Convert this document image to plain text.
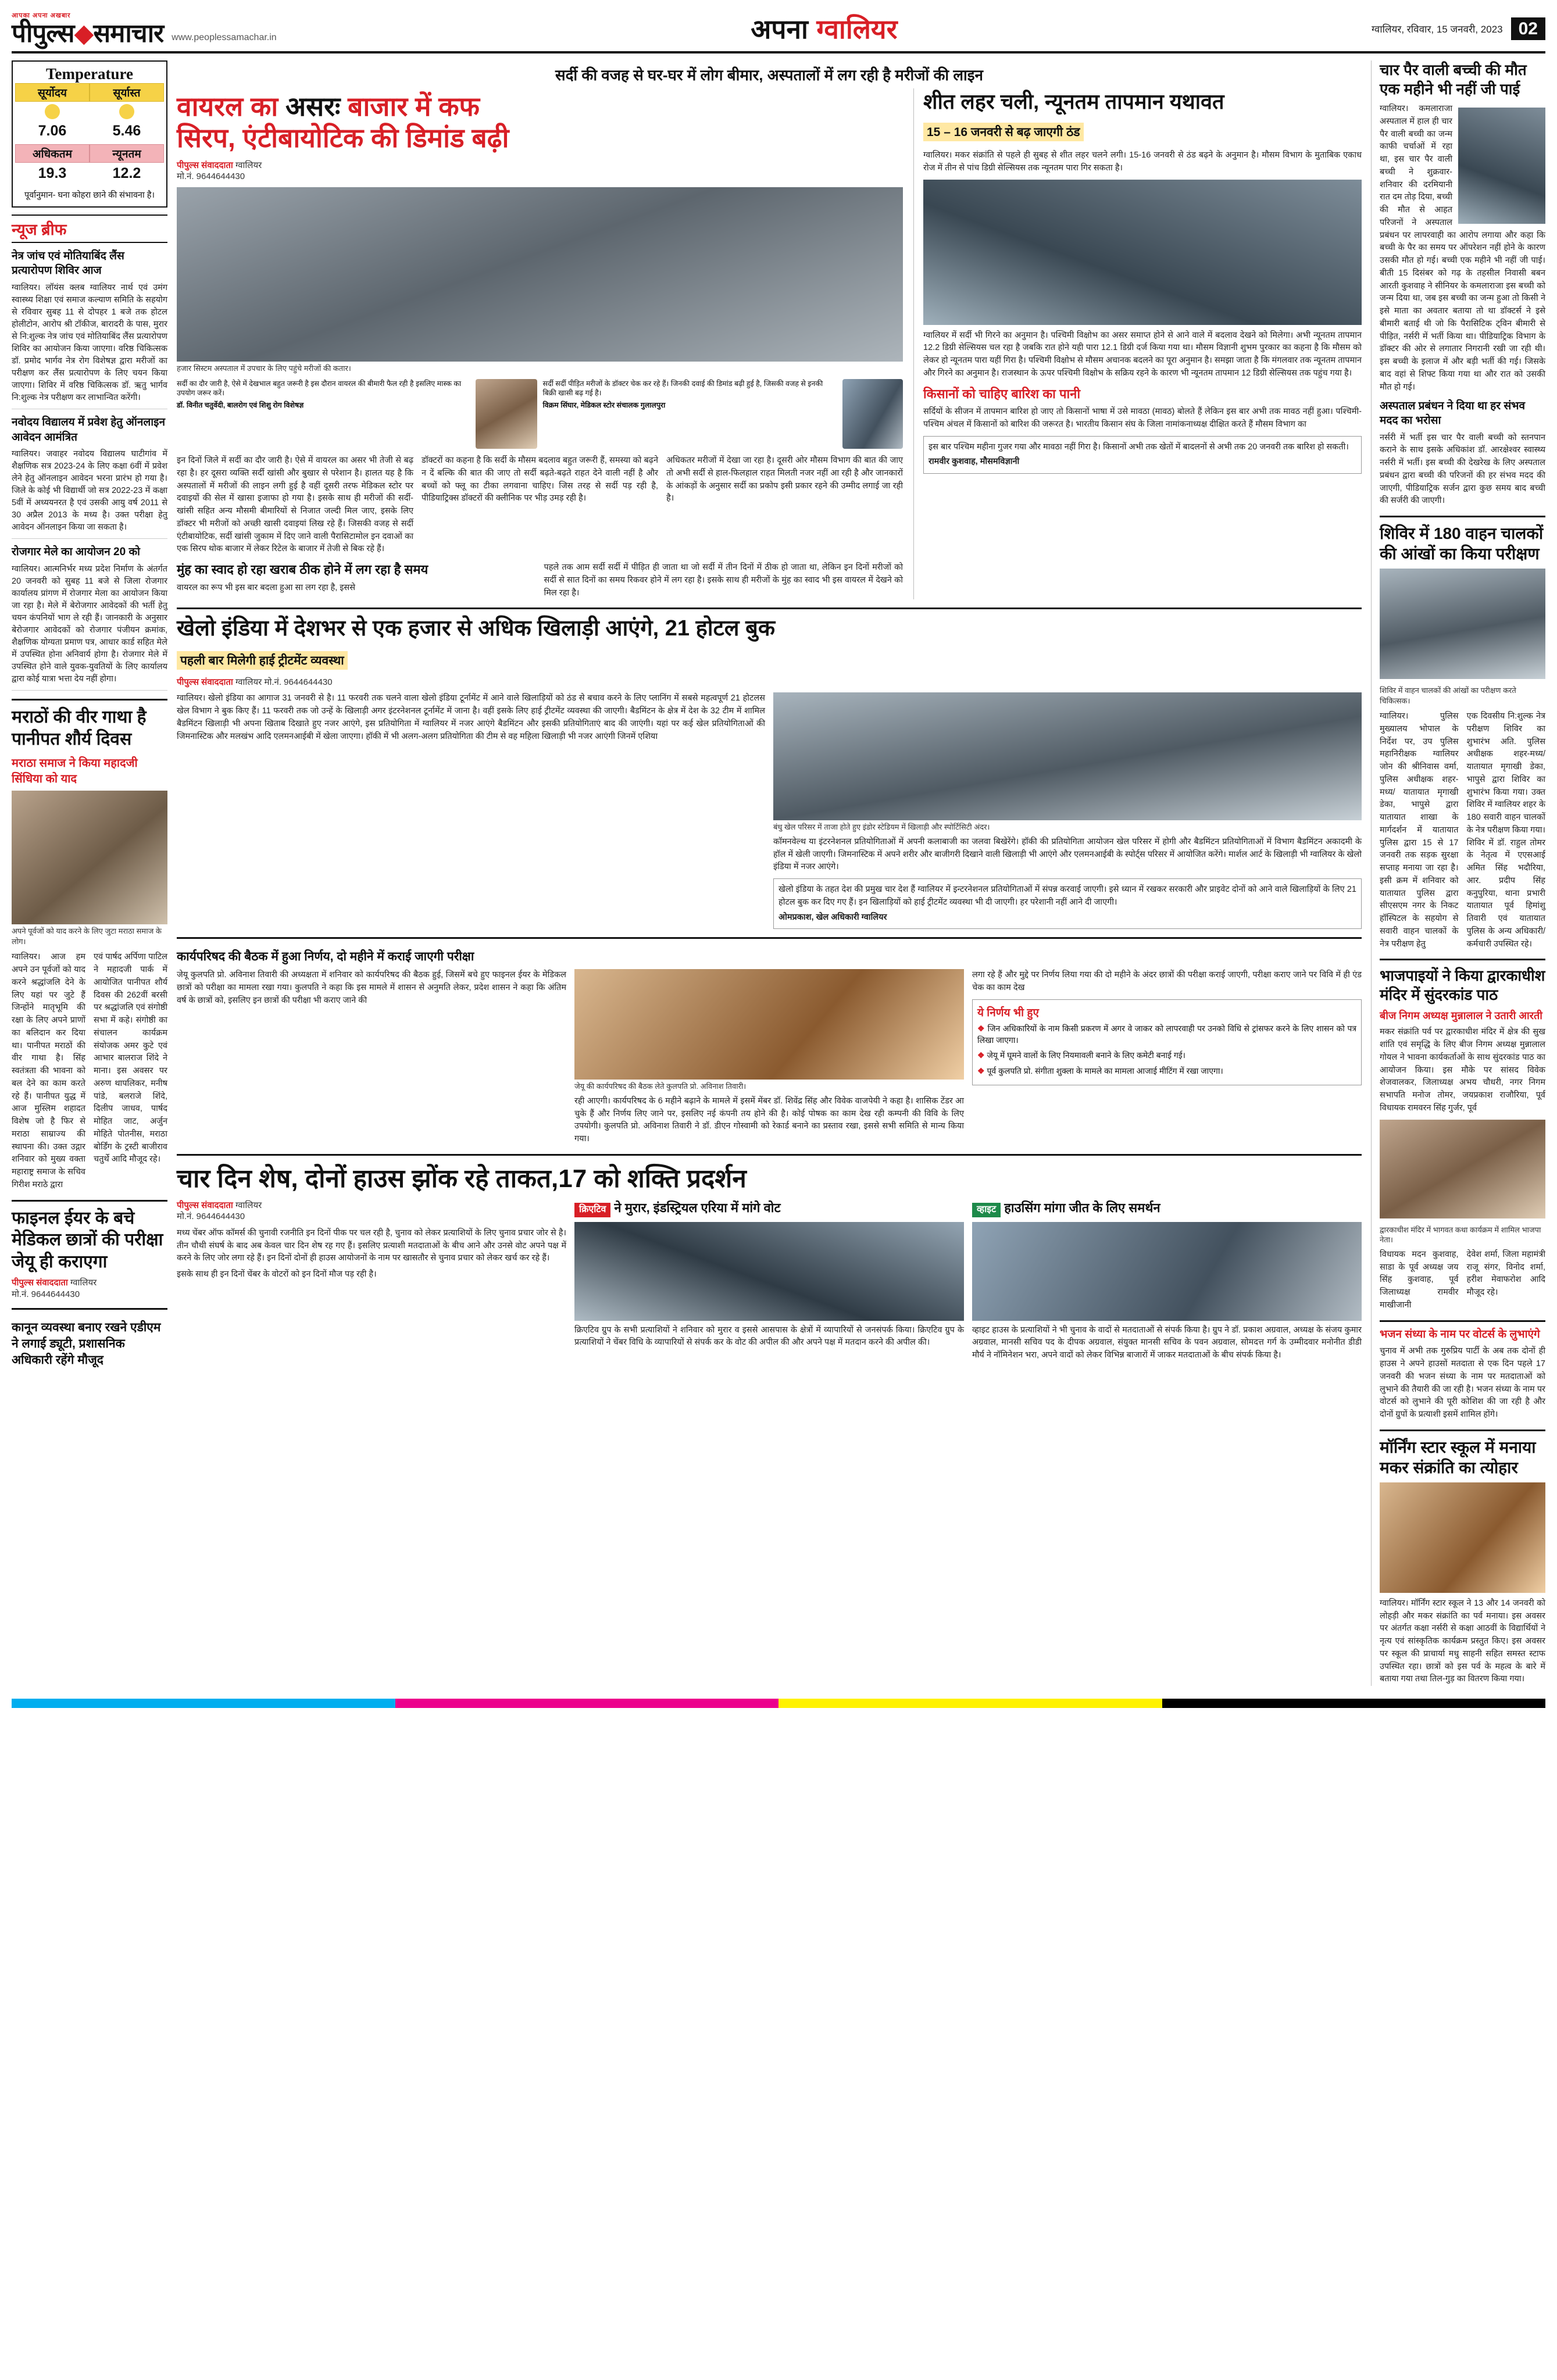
आपका अपना अखबार
पीपुल्स◆समाचार www.peoplessamachar.in	अपना ग्वालियर	ग्वालियर, रविवार, 15 जनवरी, 2023 02
Temperature
सूर्योदय	सूर्यास्त
7.06	5.46
अधिकतम	न्यूनतम
19.3	12.2
पूर्वानुमान- घना कोहरा छाने की संभावना है।
न्यूज ब्रीफ
नेत्र जांच एवं मोतियाबिंद लैंस प्रत्यारोपण शिविर आज
ग्वालियर। लॉयंस क्लब ग्वालियर नार्थ एवं उमंग स्वास्थ्य शिक्षा एवं समाज कल्याण समिति के सहयोग से रविवार सुबह 11 से दोपहर 1 बजे तक होटल होलीटोन, आरोप श्री टॉकीज, बारादरी के पास, मुरार से नि:शुल्क नेत्र जांच एवं मोतियाबिंद लैंस प्रत्यारोपण शिविर का आयोजन किया जाएगा। वरिष्ठ चिकित्सक डॉ. प्रमोद भार्गव नेत्र रोग विशेषज्ञ द्वारा मरीजों का परीक्षण कर लैंस प्रत्यारोपण के लिए चयन किया जाएगा। शिविर में वरिष्ठ चिकित्सक डॉ. ऋतु भार्गव नि:शुल्क नेत्र परीक्षण कर लाभान्वित करेंगी।
नवोदय विद्यालय में प्रवेश हेतु ऑनलाइन आवेदन आमंत्रित
ग्वालियर। जवाहर नवोदय विद्यालय घाटीगांव में शैक्षणिक सत्र 2023-24 के लिए कक्षा 6वीं में प्रवेश लेने हेतु ऑनलाइन आवेदन भरना प्रारंभ हो गया है। जिले के कोई भी विद्यार्थी जो सत्र 2022-23 में कक्षा 5वीं में अध्ययनरत है एवं उसकी आयु वर्ष 2011 से 30 अप्रैल 2013 के मध्य है। उक्त परीक्षा हेतु आवेदन ऑनलाइन किया जा सकता है।
रोजगार मेले का आयोजन 20 को
ग्वालियर। आत्मनिर्भर मध्य प्रदेश निर्माण के अंतर्गत 20 जनवरी को सुबह 11 बजे से जिला रोजगार कार्यालय प्रांगण में रोजगार मेला का आयोजन किया जा रहा है। मेले में बेरोजगार आवेदकों की भर्ती हेतु चयन कंपनियों भाग ले रही हैं। जानकारी के अनुसार बेरोजगार आवेदकों को रोजगार पंजीयन क्रमांक, शैक्षणिक योग्यता प्रमाण पत्र, आधार कार्ड सहित मेले में उपस्थित होना अनिवार्य होगा है। रोजगार मेले में उपस्थित होने वाले युवक-युवतियों के लिए कार्यालय द्वारा कोई यात्रा भत्ता देय नहीं होगा।
मराठों की वीर गाथा है पानीपत शौर्य दिवस
मराठा समाज ने किया महादजी सिंधिया को याद
अपने पूर्वजों को याद करने के लिए जुटा मराठा समाज के लोग।
ग्वालियर। आज हम अपने उन पूर्वजों को याद करने श्रद्धांजलि देने के लिए यहां पर जुटे हैं जिन्होंने मातृभूमि की रक्षा के लिए अपने प्राणों का बलिदान कर दिया था। पानीपत मराठों की वीर गाथा है। सिंह स्वतंत्रता की भावना को बल देने का काम करते रहे हैं। पानीपत युद्ध में आज मुस्लिम शहादत विशेष जो है फिर से मराठा साम्राज्य की स्थापना की। उक्त उद्गार शनिवार को मुख्य वक्ता महाराष्ट्र समाज के सचिव गिरीश मराठे द्वारा
एवं पार्षद अर्पिणा पाटिल ने महादजी पार्क में आयोजित पानीपत शौर्य दिवस की 262वीं बरसी पर श्रद्धांजलि एवं संगोष्ठी सभा में कहे। संगोष्ठी का संचालन कार्यक्रम संयोजक अमर कुटे एवं आभार बालराज शिंदे ने माना। इस अवसर पर अरुण थापलिकर, मनीष पांडे, बलराजे शिंदे, दिलीप जाधव, पार्षद मोहित जाट, अर्जुन मोहिते पोतनीस, मराठा बोर्डिंग के ट्रस्टी बाजीराव चतुर्थे आदि मौजूद रहे।
फाइनल ईयर के बचे मेडिकल छात्रों की परीक्षा जेयू ही कराएगा
पीपुल्स संवाददाता ग्वालियर
मो.नं. 9644644430
कानून व्यवस्था बनाए रखने एडीएम ने लगाई ड्यूटी, प्रशासनिक अधिकारी रहेंगे मौजूद
सर्दी की वजह से घर-घर में लोग बीमार, अस्पतालों में लग रही है मरीजों की लाइन
वायरल का असरः बाजार में कफ
सिरप, एंटीबायोटिक की डिमांड बढ़ी
पीपुल्स संवाददाता ग्वालियर
मो.नं. 9644644430
हजार सिस्टम अस्पताल में उपचार के लिए पहुंचे मरीजों की कतार।
सर्दी का दौर जारी है, ऐसे में देखभाल बहुत जरूरी है इस दौरान वायरल की बीमारी फैल रही है इसलिए मास्क का उपयोग जरूर करें।
डॉ. विनीत चतुर्वेदी, बालरोग एवं शिशु रोग विशेषज्ञ
सर्दी सर्दी पीड़ित मरीजों के डॉक्टर चेक कर रहे हैं। जिनकी दवाई की डिमांड बढ़ी हुई है, जिसकी वजह से इनकी बिक्री खासी बढ़ गई है।
विक्रम सिंघार, मेडिकल स्टोर संचालक गुलालपुरा
इन दिनों जिले में सर्दी का दौर जारी है। ऐसे में वायरल का असर भी तेजी से बढ़ रहा है। हर दूसरा व्यक्ति सर्दी खांसी और बुखार से परेशान है। हालत यह है कि अस्पतालों में मरीजों की लाइन लगी हुई है वहीं दूसरी तरफ मेडिकल स्टोर पर दवाइयों की सेल में खासा इजाफा हो गया है। इसके साथ ही मरीजों की सर्दी-खांसी सहित अन्य मौसमी बीमारियों से निजात जल्दी मिल जाए, इसके लिए डॉक्टर भी मरीजों को अच्छी खासी दवाइयां लिख रहे हैं। जिसकी वजह से सर्दी एंटीबायोटिक, सर्दी खांसी जुकाम में दिए जाने वाली पैरासिटामोल इन दवाओं का एक सिरप थोक बाजार में लेकर रिटेल के बाजार में तेजी से बिक रहे हैं।
डॉक्टरों का कहना है कि सर्दी के मौसम बदलाव बहुत जरूरी हैं, समस्या को बढ़ने न दें बल्कि की बात की जाए तो सर्दी बढ़ते-बढ़ते राहत देने वाली नहीं है और बच्चों को फ्लू का टीका लगवाना चाहिए। जिस तरह से सर्दी पड़ रही है, पीडियाट्रिक्स डॉक्टरों की क्लीनिक पर भीड़ उमड़ रही है।
अधिकतर मरीजों में देखा जा रहा है। दूसरी ओर मौसम विभाग की बात की जाए तो अभी सर्दी से हाल-फिलहाल राहत मिलती नजर नहीं आ रही है और जानकारों के आंकड़ों के अनुसार सर्दी का प्रकोप इसी प्रकार रहने की उम्मीद लगाई जा रही है।
मुंह का स्वाद हो रहा खराब ठीक होने में लग रहा है समय
वायरल का रूप भी इस बार बदला हुआ सा लग रहा है, इससे
पहले तक आम सर्दी सर्दी में पीड़ित ही जाता था जो सर्दी में तीन दिनों में ठीक हो जाता था, लेकिन इन दिनों मरीजों को सर्दी से सात दिनों का समय रिकवर होने में लग रहा है। इसके साथ ही मरीजों के मुंह का स्वाद भी इस वायरल में देखने को मिल रहा है।
शीत लहर चली, न्यूनतम तापमान यथावत
15 – 16 जनवरी से बढ़ जाएगी ठंड
ग्वालियर। मकर संक्रांति से पहले ही सुबह से शीत लहर चलने लगी। 15-16 जनवरी से ठंड बढ़ने के अनुमान है। मौसम विभाग के मुताबिक एकाध रोज में तीन से पांच डिग्री सेल्सियस तक न्यूनतम पारा गिर सकता है।
ग्वालियर में सर्दी भी गिरने का अनुमान है। पश्चिमी विक्षोभ का असर समाप्त होने से आने वाले में बदलाव देखने को मिलेगा। अभी न्यूनतम तापमान 12.2 डिग्री सेल्सियस चल रहा है जबकि रात होने यही पारा 12.1 डिग्री दर्ज किया गया था। मौसम विज्ञानी शुभम पुरकार का कहना है कि मौसम को लेकर हो न्यूनतम पारा यहीं गिरा है। पश्चिमी विक्षोभ से मौसम अचानक बदलने का पूरा अनुमान है। समझा जाता है कि मंगलवार तक न्यूनतम तापमान और गिरने का अनुमान है। राजस्थान के ऊपर पश्चिमी विक्षोभ के सक्रिय रहने के कारण भी न्यूनतम तापमान 12 डिग्री सेल्सियस तक पहुंच गया है।
किसानों को चाहिए बारिश का पानी
सर्दियों के सीजन में तापमान बारिश हो जाए तो किसानों भाषा में उसे मावठा (मावठ) बोलते हैं लेकिन इस बार अभी तक मावठ नहीं हुआ। पश्चिमी-पश्चिम अंचल में किसानों को बारिश की जरूरत है। भारतीय किसान संघ के जिला नामांकनाध्यक्ष दीक्षित करते हैं मौसम विभाग का
इस बार पश्चिम महीना गुजर गया और मावठा नहीं गिरा है। किसानों अभी तक खेतों में बादलनों से अभी तक 20 जनवरी तक बारिश हो सकती।
रामवीर कुशवाह, मौसमविज्ञानी
खेलो इंडिया में देशभर से एक हजार से अधिक खिलाड़ी आएंगे, 21 होटल बुक
पहली बार मिलेगी हाई ट्रीटमेंट व्यवस्था
पीपुल्स संवाददाता ग्वालियर मो.नं. 9644644430
ग्वालियर। खेलो इंडिया का आगाज 31 जनवरी से है। 11 फरवरी तक चलने वाला खेलो इंडिया टूर्नामेंट में आने वाले खिलाड़ियों को ठंड से बचाव करने के लिए प्लानिंग में सबसे महत्वपूर्ण 21 होटलस खेल विभाग ने बुक किए हैं। 11 फरवरी तक जो उन्हें के खिलाड़ी अगर इंटरनेशनल टूर्नामेंट में जाना है। वहीं इसके लिए हाई ट्रीटमेंट व्यवस्था की जाएगी। बैडमिंटन के क्षेत्र में देश के 32 टीम में शामिल बैडमिंटन खिलाड़ी भी अपना खिताब दिखाते हुए नजर आएंगे, इस प्रतियोगिता में ग्वालियर में नजर आएंगे बैडमिंटन और इसकी प्रतियोगिताएं बाद की जाएंगी। यहां पर कई खेल प्रतियोगिताओं की जिमनास्टिक और मलखंभ आदि एलमनआईबी में खेला जाएगा। हॉकी में भी अलग-अलग प्रतियोगिता की टीम से वह महिला खिलाड़ी भी नजर आएंगी जिनमें एशिया
बंधु खेल परिसर में ताजा होते हुए इंडोर स्टेडियम में खिलाड़ी और स्पोर्टिसिटी अंदर।
कॉमनवेल्थ या इंटरनेशनल प्रतियोगिताओं में अपनी कलाबाजी का जलवा बिखेरेंगे। हॉकी की प्रतियोगिता आयोजन खेल परिसर में होगी और बैडमिंटन प्रतियोगिताओं में विभाग बैडमिंटन अकादमी के हॉल में खेली जाएगी। जिमनास्टिक में अपने शरीर और बाजीगरी दिखाने वाली खिलाड़ी भी आएंगे और एलमनआईबी के स्पोर्ट्स परिसर में आयोजित करेंगे। मार्शल आर्ट के खिलाड़ी भी ग्वालियर के खेलो इंडिया में नजर आएंगे।
खेलो इंडिया के तहत देश की प्रमुख चार देश हैं ग्वालियर में इन्टरनेशनल प्रतियोगिताओं में संपन्न करवाई जाएगी। इसे ध्यान में रखकर सरकारी और प्राइवेट दोनों को आने वाले खिलाड़ियों के लिए 21 होटल बुक कर दिए गए हैं। इन खिलाड़ियों को हाई ट्रीटमेंट व्यवस्था भी दी जाएगी। हर परेशानी नहीं आने दी जाएगी।
ओमप्रकाश, खेल अधिकारी ग्वालियर
कार्यपरिषद की बैठक में हुआ निर्णय, दो महीने में कराई जाएगी परीक्षा
जेयू कुलपति प्रो. अविनाश तिवारी की अध्यक्षता में शनिवार को कार्यपरिषद की बैठक हुई, जिसमें बचे हुए फाइनल ईयर के मेडिकल छात्रों को परीक्षा का मामला रखा गया। कुलपति ने कहा कि इस मामले में शासन से अनुमति लेकर, प्रदेश शासन ने कहा कि अंतिम वर्ष के छात्रों को, इसलिए इन छात्रों की परीक्षा भी कराए जाने की
जेयू की कार्यपरिषद की बैठक लेते कुलपति प्रो. अविनाश तिवारी।
रही आएगी। कार्यपरिषद के 6 महीने बढ़ाने के मामले में इसमें मेंबर डॉ. शिवेंद्र सिंह और विवेक वाजपेयी ने कहा है। शासिक टेंडर आ चुके हैं और निर्णय लिए जाने पर, इसलिए नई कंपनी तय होने की है। कोई पोषक का काम देख रही कम्पनी की विवि के लिए उपयोगी। कुलपति प्रो. अविनाश तिवारी ने डॉ. डीएन गोस्वामी को रेकार्ड बनाने का प्रस्ताव रखा, इससे सभी समिति से मान्य किया गया।
लगा रहे हैं और मुद्दे पर निर्णय लिया गया की दो महीने के अंदर छात्रों की परीक्षा कराई जाएगी, परीक्षा कराए जाने पर विवि में ही एंड चेक का काम देख
ये निर्णय भी हुए
❖ जिन अधिकारियों के नाम किसी प्रकरण में अगर वे जाकर को लापरवाही पर उनको विधि से ट्रांसफर करने के लिए शासन को पत्र लिखा जाएगा।
❖ जेयू में घूमने वालों के लिए नियमावली बनाने के लिए कमेटी बनाई गई।
❖ पूर्व कुलपति प्रो. संगीता शुक्ला के मामले का मामला आजाई मीटिंग में रखा जाएगा।
चार दिन शेष, दोनों हाउस झोंक रहे ताकत,17 को शक्ति प्रदर्शन
पीपुल्स संवाददाता ग्वालियर
मो.नं. 9644644430
मध्य चेंबर ऑफ कॉमर्स की चुनावी रजनीति इन दिनों पीक पर चल रही है, चुनाव को लेकर प्रत्याशियों के लिए चुनाव प्रचार जोर से है। तीन चौथी संघर्ष के बाद अब केवल चार दिन शेष रह गए हैं। इसलिए प्रत्याशी मतदाताओं के बीच आने और उनसे वोट अपने पक्ष में करने के लिए जोर लगा रहे हैं। इन दिनों दोनों ही हाउस आयोजनों के नाम पर खासतौर से चुनाव प्रचार को लेकर खर्च कर रहे हैं।
इसके साथ ही इन दिनों चेंबर के वोटरों को इन दिनों मौज पड़ रही है।
क्रिएटिव ने मुरार, इंडस्ट्रियल एरिया में मांगे वोट
क्रिएटिव ग्रुप के सभी प्रत्याशियों ने शनिवार को मुरार व इससे आसपास के क्षेत्रों में व्यापारियों से जनसंपर्क किया। क्रिएटिव ग्रुप के प्रत्याशियों ने चेंबर विधि के व्यापारियों से संपर्क कर के वोट की अपील की और अपने पक्ष में मतदान करने की अपील की।
व्हाइट हाउसिंग मांगा जीत के लिए समर्थन
व्हाइट हाउस के प्रत्याशियों ने भी चुनाव के वादों से मतदाताओं से संपर्क किया है। ग्रुप ने डॉ. प्रकाश अग्रवाल, अध्यक्ष के संजय कुमार अग्रवाल, मानसी सचिव पद के दीपक अग्रवाल, संयुक्त मानसी सचिव के पवन अग्रवाल, सोमदत्त गर्ग के उम्मीदवार मनोनीत डीडी मौर्य ने नॉमिनेशन भरा, अपने वादों को लेकर विभिन्न बाजारों में जाकर मतदाताओं के बीच संपर्क किया है।
चार पैर वाली बच्ची की मौत एक महीने भी नहीं जी पाई
ग्वालियर। कमलाराजा अस्पताल में हाल ही चार पैर वाली बच्ची का जन्म काफी चर्चाओं में रहा था, इस चार पैर वाली बच्ची ने शुक्रवार- शनिवार की दरमियानी रात दम तोड़ दिया, बच्ची की मौत से आहत परिजनों ने अस्पताल प्रबंधन पर लापरवाही का आरोप लगाया और कहा कि बच्ची के पैर का समय पर ऑपरेशन नहीं होने के कारण उसकी मौत हो गई। बच्ची एक महीने भी नहीं जी पाई। बीती 15 दिसंबर को गढ़ के तहसील निवासी बबन आरती कुशवाह ने सीनियर के कमलाराजा इस बच्ची को जन्म दिया था, जब इस बच्ची का जन्म हुआ तो किसी ने इसे माता का अवतार बताया तो था डॉक्टर्स ने इसे बीमारी बताई थी जो कि पैरासिटिक ट्विन बीमारी से पीड़ित, नर्सरी में भर्ती किया था। पीडियाट्रिक विभाग के डॉक्टर की ओर से लगातार निगरानी रखी जा रही थी। इस बच्ची के इलाज में और बड़ी भर्ती की गई। जिसके बाद वहां से शिफ्ट किया गया था और रात को उसकी मौत हो गई।
अस्पताल प्रबंधन ने दिया था हर संभव मदद का भरोसा
नर्सरी में भर्ती इस चार पैर वाली बच्ची को स्तनपान कराने के साथ इसके अधिकांश डॉ. आरक्षेश्वर स्वास्थ्य नर्सरी में भर्ती। इस बच्ची की देखरेख के लिए अस्पताल प्रबंधन द्वारा बच्ची की परिजनों की हर संभव मदद की जाएगी, पीडियाट्रिक सर्जन द्वारा कुछ समय बाद बच्ची की सर्जरी की जाएगी।
शिविर में 180 वाहन चालकों की आंखों का किया परीक्षण
शिविर में वाहन चालकों की आंखों का परीक्षण करते चिकित्सक।
ग्वालियर। पुलिस मुख्यालय भोपाल के निर्देश पर, उप पुलिस महानिरीक्षक ग्वालियर जोन की श्रीनिवास वर्मा, पुलिस अधीक्षक शहर-मध्य/ यातायात मृगाखी डेका, भापुसे द्वारा यातायात शाखा के मार्गदर्शन में यातायात पुलिस द्वारा 15 से 17 जनवरी तक सड़क सुरक्षा सप्ताह मनाया जा रहा है। इसी क्रम में शनिवार को यातायात पुलिस द्वारा सीएसएम नगर के निकट हॉस्पिटल के सहयोग से सवारी वाहन चालकों के नेत्र परीक्षण हेतु
एक दिवसीय नि:शुल्क नेत्र परीक्षण शिविर का शुभारंभ अति. पुलिस अधीक्षक शहर-मध्य/ यातायात मृगाखी डेका, भापुसे द्वारा शिविर का शुभारंभ किया गया। उक्त शिविर में ग्वालियर शहर के 180 सवारी वाहन चालकों के नेत्र परीक्षण किया गया। शिविर में डॉ. राहुल तोमर के नेतृत्व में एएसआई अमित सिंह भदौरिया, आर. प्रदीप सिंह कनुपुरिया, थाना प्रभारी यातायात पूर्व हिमांशु तिवारी एवं यातायात पुलिस के अन्य अधिकारी/कर्मचारी उपस्थित रहे।
भाजपाइयों ने किया द्वारकाधीश मंदिर में सुंदरकांड पाठ
बीज निगम अध्यक्ष मुन्नालाल ने उतारी आरती
मकर संक्रांति पर्व पर द्वारकाधीश मंदिर में क्षेत्र की सुख शांति एवं समृद्धि के लिए बीज निगम अध्यक्ष मुन्नालाल गोयल ने भावना कार्यकर्ताओं के साथ सुंदरकांड पाठ का आयोजन किया। इस मौके पर सांसद विवेक शेजवालकर, जिलाध्यक्ष अभय चौधरी, नगर निगम सभापति मनोज तोमर, जयप्रकाश राजौरिया, पूर्व विधायक रामवरन सिंह गुर्जर, पूर्व
द्वारकाधीश मंदिर में भागवत कथा कार्यक्रम में शामिल भाजपा नेता।
विधायक मदन कुशवाह, साडा के पूर्व अध्यक्ष जय सिंह कुशवाह, पूर्व जिलाध्यक्ष रामवीर माखीजानी
देवेश शर्मा, जिला महामंत्री राजू संगर, विनोद शर्मा, हरीश मेवाफरोश आदि मौजूद रहे।
भजन संध्या के नाम पर वोटर्स के लुभाएंगे
चुनाव में अभी तक गुरुप्रिय पार्टी के अब तक दोनों ही हाउस ने अपने हाउसों मतदाता से एक दिन पहले 17 जनवरी की भजन संध्या के नाम पर मतदाताओं को लुभाने की तैयारी की जा रही है। भजन संध्या के नाम पर वोटर्स को लुभाने की पूरी कोशिश की जा रही है और दोनों ग्रुपों के प्रत्याशी इसमें शामिल होंगे।
मॉर्निंग स्टार स्कूल में मनाया मकर संक्रांति का त्योहार
ग्वालियर। मॉर्निंग स्टार स्कूल ने 13 और 14 जनवरी को लोहड़ी और मकर संक्रांति का पर्व मनाया। इस अवसर पर अंतर्गत कक्षा नर्सरी से कक्षा आठवीं के विद्यार्थियों ने नृत्य एवं सांस्कृतिक कार्यक्रम प्रस्तुत किए। इस अवसर पर स्कूल की प्राचार्या मधु साहनी सहित समस्त स्टाफ उपस्थित रहा। छात्रों को इस पर्व के महत्व के बारे में बताया गया तथा तिल-गुड़ का वितरण किया गया।
